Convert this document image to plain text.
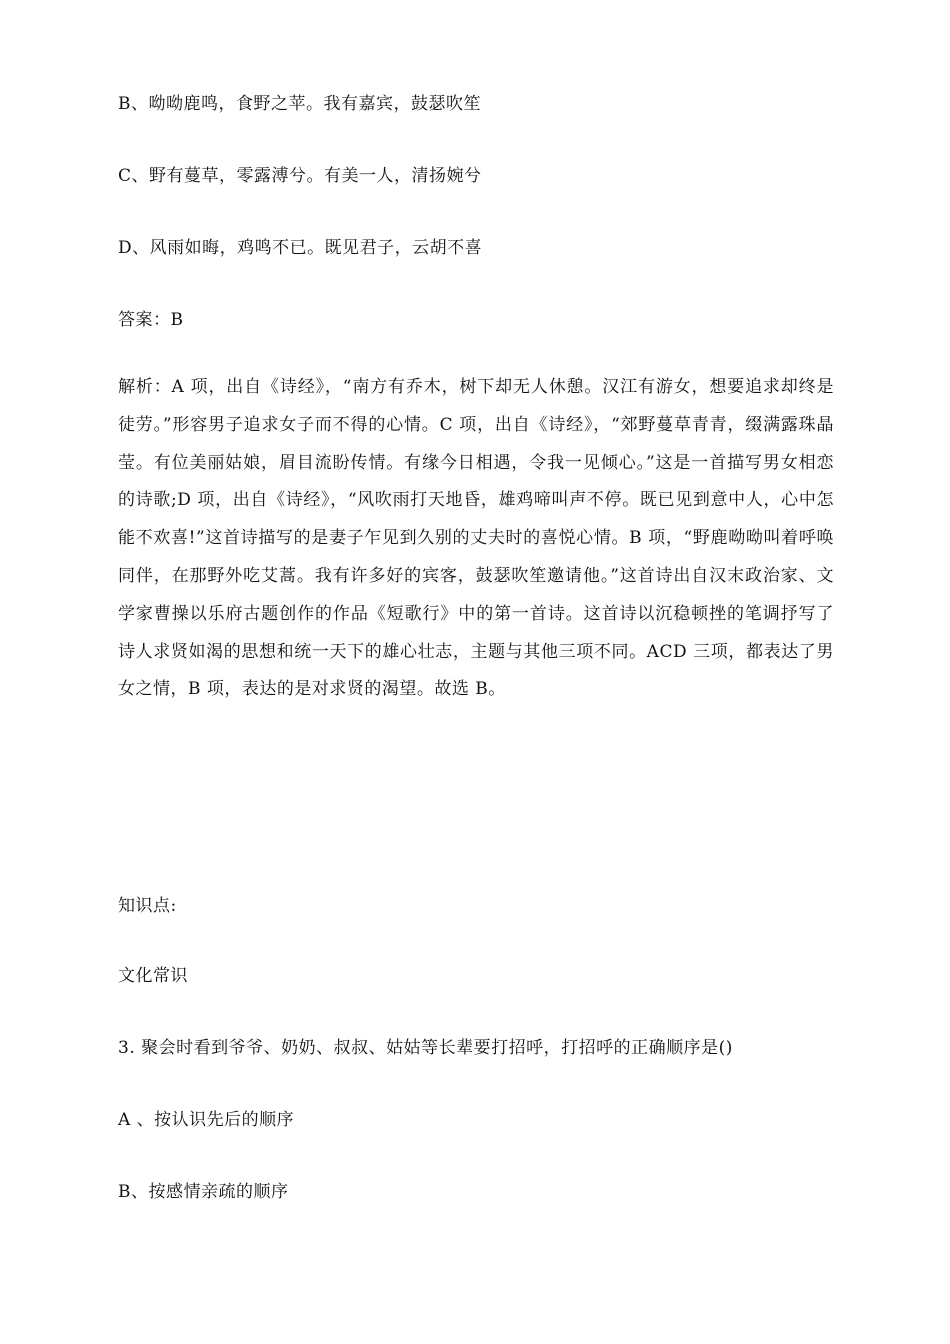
B、呦呦鹿鸣，食野之苹。我有嘉宾，鼓瑟吹笙
C、野有蔓草，零露溥兮。有美一人，清扬婉兮
D、风雨如晦，鸡鸣不已。既见君子，云胡不喜
答案：B
解析：A 项，出自《诗经》，“南方有乔木，树下却无人休憩。汉江有游女，想要追求却终是徒劳。”形容男子追求女子而不得的心情。C 项，出自《诗经》，“郊野蔓草青青，缀满露珠晶莹。有位美丽姑娘，眉目流盼传情。有缘今日相遇，令我一见倾心。”这是一首描写男女相恋的诗歌;D 项，出自《诗经》，“风吹雨打天地昏，雄鸡啼叫声不停。既已见到意中人，心中怎能不欢喜!”这首诗描写的是妻子乍见到久别的丈夫时的喜悦心情。B 项，“野鹿呦呦叫着呼唤同伴，在那野外吃艾蒿。我有许多好的宾客，鼓瑟吹笙邀请他。”这首诗出自汉末政治家、文学家曹操以乐府古题创作的作品《短歌行》中的第一首诗。这首诗以沉稳顿挫的笔调抒写了诗人求贤如渴的思想和统一天下的雄心壮志，主题与其他三项不同。ACD 三项，都表达了男女之情，B 项，表达的是对求贤的渴望。故选 B。
知识点:
文化常识
3. 聚会时看到爷爷、奶奶、叔叔、姑姑等长辈要打招呼，打招呼的正确顺序是()
A 、按认识先后的顺序
B、按感情亲疏的顺序
